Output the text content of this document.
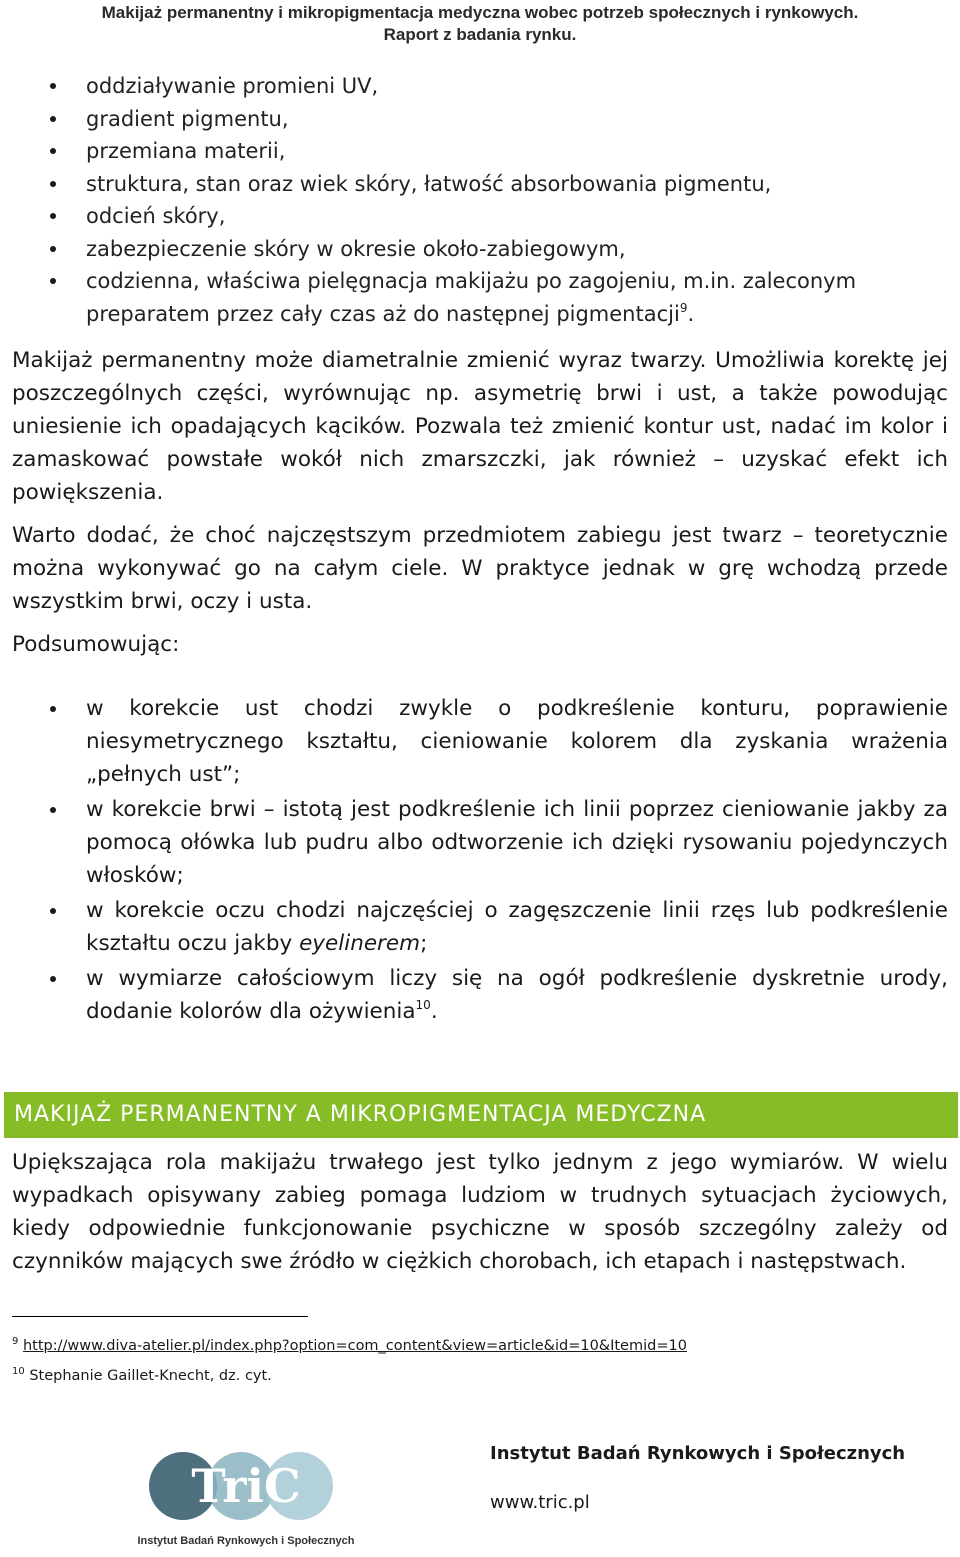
Makijaż permanentny i mikropigmentacja medyczna wobec potrzeb społecznych i rynkowych.
Raport z badania rynku.
oddziaływanie promieni UV,
gradient pigmentu,
przemiana materii,
struktura, stan oraz wiek skóry, łatwość absorbowania pigmentu,
odcień skóry,
zabezpieczenie skóry w okresie około-zabiegowym,
codzienna, właściwa pielęgnacja makijażu po zagojeniu, m.in. zaleconym preparatem przez cały czas aż do następnej pigmentacji$^9$.

Makijaż permanentny może diametralnie zmienić wyraz twarzy. Umożliwia korektę jej poszczególnych części, wyrównując np. asymetrię brwi i ust, a także powodując uniesienie ich opadających kącików. Pozwala też zmienić kontur ust, nadać im kolor i zamaskować powstałe wokół nich zmarszczki, jak również – uzyskać efekt ich powiększenia.

Warto dodać, że choć najczęstszym przedmiotem zabiegu jest twarz – teoretycznie można wykonywać go na całym ciele. W praktyce jednak w grę wchodzą przede wszystkim brwi, oczy i usta.

Podsumowując:

w korekcie ust chodzi zwykle o podkreślenie konturu, poprawienie niesymetrycznego kształtu, cieniowanie kolorem dla zyskania wrażenia „pełnych ust”;
w korekcie brwi – istotą jest podkreślenie ich linii poprzez cieniowanie jakby za pomocą ołówka lub pudru albo odtworzenie ich dzięki rysowaniu pojedynczych włosków;
w korekcie oczu chodzi najczęściej o zagęszczenie linii rzęs lub podkreślenie kształtu oczu jakby eyelinerem;
w wymiarze całościowym liczy się na ogół podkreślenie dyskretnie urody, dodanie kolorów dla ożywienia$^{10}$.
MAKIJAŻ PERMANENTNY A MIKROPIGMENTACJA MEDYCZNA

Upiększająca rola makijażu trwałego jest tylko jednym z jego wymiarów. W wielu wypadkach opisywany zabieg pomaga ludziom w trudnych sytuacjach życiowych, kiedy odpowiednie funkcjonowanie psychiczne w sposób szczególny zależy od czynników mających swe źródło w ciężkich chorobach, ich etapach i następstwach.

$^9$ http://www.diva-atelier.pl/index.php?option=com_content&view=article&id=10&Itemid=10
$^{10}$ Stephanie Gaillet-Knecht, dz. cyt.
TriC
Instytut Badań Rynkowych i Społecznych
Instytut Badań Rynkowych i Społecznych
www.tric.pl
